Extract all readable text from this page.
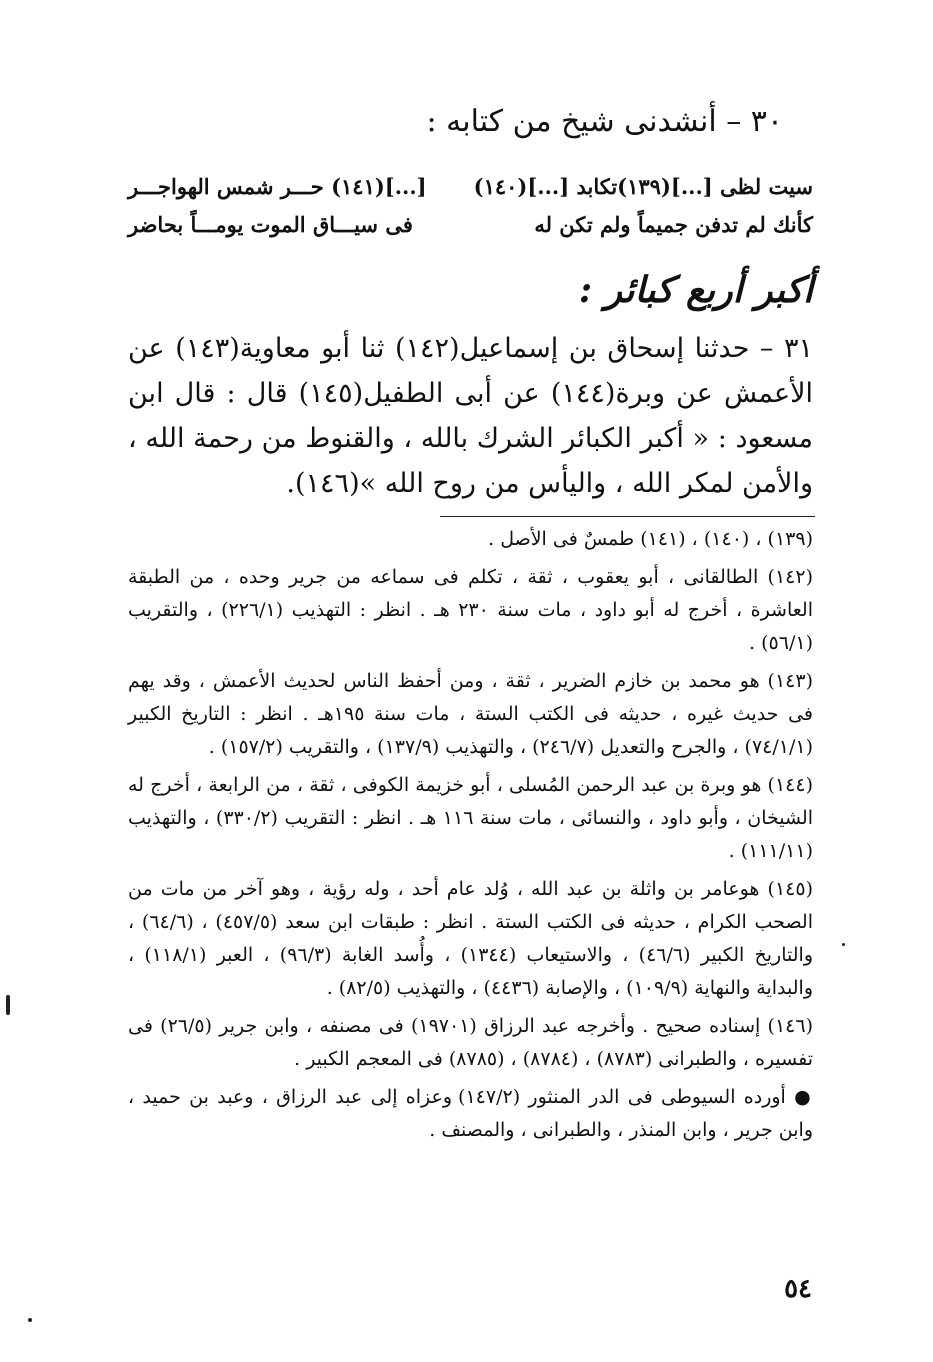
٣٠ – أنشدنى شيخ من كتابه :
سيت لظى [...](١٣٩)تكابد [...](١٤٠)
[...](١٤١) حـــر شمس الهواجـــر
كأنك لم تدفن جميماً ولم تكن له
فى سيـــاق الموت يومـــاً بحاضر
أكبر أربع كبائر :

٣١ – حدثنا إسحاق بن إسماعيل(١٤٢) ثنا أبو معاوية(١٤٣) عن الأعمش عن وبرة(١٤٤) عن أبى الطفيل(١٤٥) قال : قال ابن مسعود : « أكبر الكبائر الشرك بالله ، والقنوط من رحمة الله ، والأمن لمكر الله ، واليأس من روح الله »(١٤٦).

(١٣٩) ، (١٤٠) ، (١٤١) طمسٌ فى الأصل .

(١٤٢) الطالقانى ، أبو يعقوب ، ثقة ، تكلم فى سماعه من جرير وحده ، من الطبقة العاشرة ، أخرج له أبو داود ، مات سنة ٢٣٠ هـ . انظر : التهذيب (٢٢٦/١) ، والتقريب (٥٦/١) .

(١٤٣) هو محمد بن خازم الضرير ، ثقة ، ومن أحفظ الناس لحديث الأعمش ، وقد يهم فى حديث غيره ، حديثه فى الكتب الستة ، مات سنة ١٩٥هـ . انظر : التاريخ الكبير (٧٤/١/١) ، والجرح والتعديل (٢٤٦/٧) ، والتهذيب (١٣٧/٩) ، والتقريب (١٥٧/٢) .

(١٤٤) هو وبرة بن عبد الرحمن المُسلى ، أبو خزيمة الكوفى ، ثقة ، من الرابعة ، أخرج له الشيخان ، وأبو داود ، والنسائى ، مات سنة ١١٦ هـ . انظر : التقريب (٣٣٠/٢) ، والتهذيب (١١١/١١) .

(١٤٥) هوعامر بن واثلة بن عبد الله ، وُلد عام أحد ، وله رؤية ، وهو آخر من مات من الصحب الكرام ، حديثه فى الكتب الستة . انظر : طبقات ابن سعد (٤٥٧/٥) ، (٦٤/٦) ، والتاريخ الكبير (٤٦/٦) ، والاستيعاب (١٣٤٤) ، وأُسد الغابة (٩٦/٣) ، العبر (١١٨/١) ، والبداية والنهاية (١٠٩/٩) ، والإصابة (٤٤٣٦) ، والتهذيب (٨٢/٥) .

(١٤٦) إسناده صحيح . وأخرجه عبد الرزاق (١٩٧٠١) فى مصنفه ، وابن جرير (٢٦/٥) فى تفسيره ، والطبرانى (٨٧٨٣) ، (٨٧٨٤) ، (٨٧٨٥) فى المعجم الكبير .

● أورده السيوطى فى الدر المنثور (١٤٧/٢) وعزاه إلى عبد الرزاق ، وعبد بن حميد ، وابن جرير ، وابن المنذر ، والطبرانى ، والمصنف .

٥٤
